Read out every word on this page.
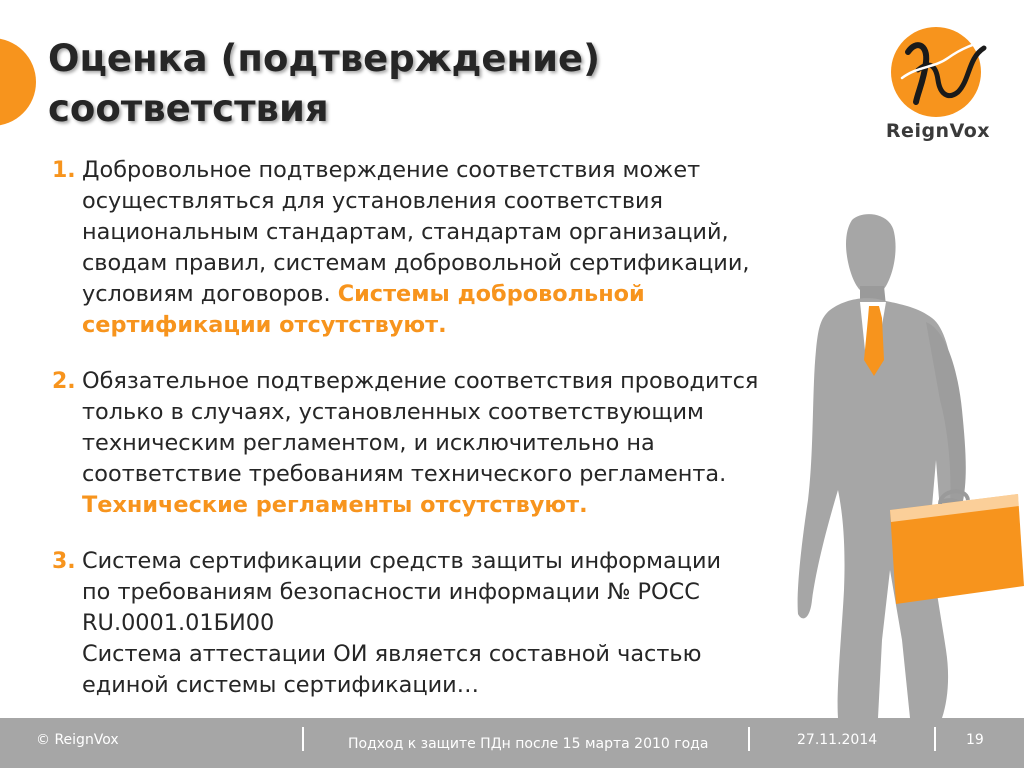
Оценка (подтверждение)
соответствия
ReignVox
1. Добровольное подтверждение соответствия может
осуществляться для установления соответствия
национальным стандартам, стандартам организаций,
сводам правил, системам добровольной сертификации,
условиям договоров. Системы добровольной
сертификации отсутствуют.
2. Обязательное подтверждение соответствия проводится
только в случаях, установленных соответствующим
техническим регламентом, и исключительно на
соответствие требованиям технического регламента.
Технические регламенты отсутствуют.
3. Система сертификации средств защиты информации
по требованиям безопасности информации № РОСС
RU.0001.01БИ00
Система аттестации ОИ является составной частью
единой системы сертификации…
© ReignVox	Подход к защите ПДн после 15 марта 2010 года	27.11.2014	19
